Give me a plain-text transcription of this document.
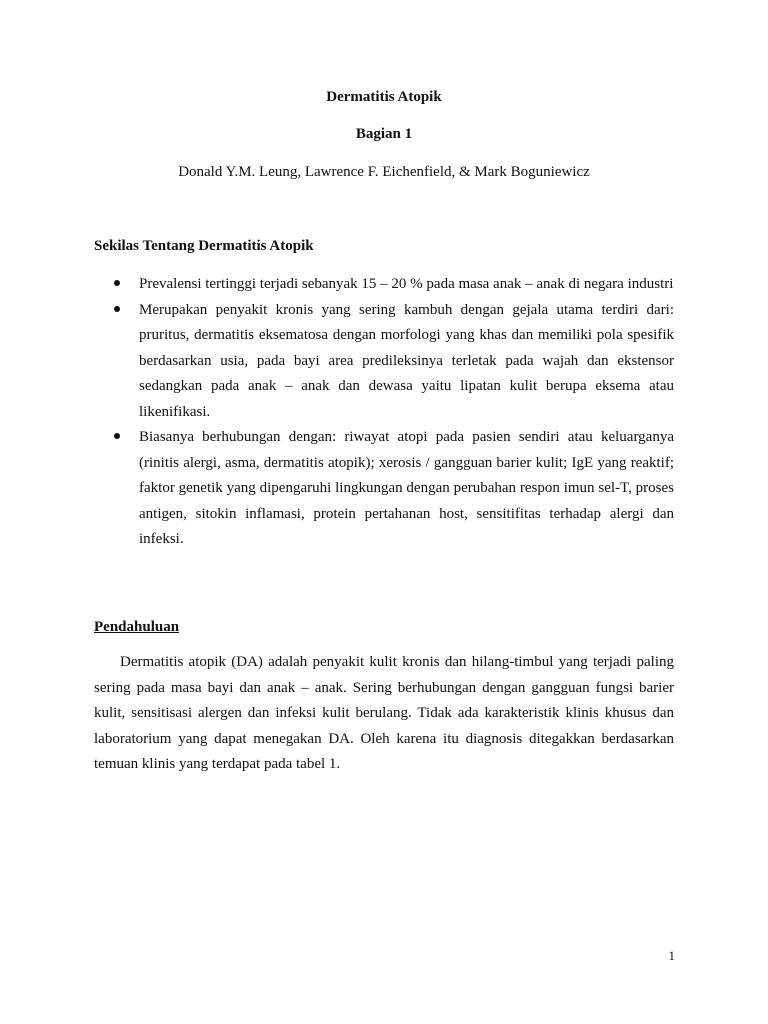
Dermatitis Atopik
Bagian 1
Donald Y.M. Leung, Lawrence F. Eichenfield, & Mark Boguniewicz
Sekilas Tentang Dermatitis Atopik
Prevalensi tertinggi terjadi sebanyak 15 – 20 % pada masa anak – anak di negara industri
Merupakan penyakit kronis yang sering kambuh dengan gejala utama terdiri dari: pruritus, dermatitis eksematosa dengan morfologi yang khas dan memiliki pola spesifik berdasarkan usia, pada bayi area predileksinya terletak pada wajah dan ekstensor sedangkan pada anak – anak dan dewasa yaitu lipatan kulit berupa eksema atau likenifikasi.
Biasanya berhubungan dengan: riwayat atopi pada pasien sendiri atau keluarganya (rinitis alergi, asma, dermatitis atopik); xerosis / gangguan barier kulit; IgE yang reaktif; faktor genetik yang dipengaruhi lingkungan dengan perubahan respon imun sel-T, proses antigen, sitokin inflamasi, protein pertahanan host, sensitifitas terhadap alergi dan infeksi.
Pendahuluan

Dermatitis atopik (DA) adalah penyakit kulit kronis dan hilang-timbul yang terjadi paling sering pada masa bayi dan anak – anak. Sering berhubungan dengan gangguan fungsi barier kulit, sensitisasi alergen dan infeksi kulit berulang. Tidak ada karakteristik klinis khusus dan laboratorium yang dapat menegakan DA. Oleh karena itu diagnosis ditegakkan berdasarkan temuan klinis yang terdapat pada tabel 1.

1
